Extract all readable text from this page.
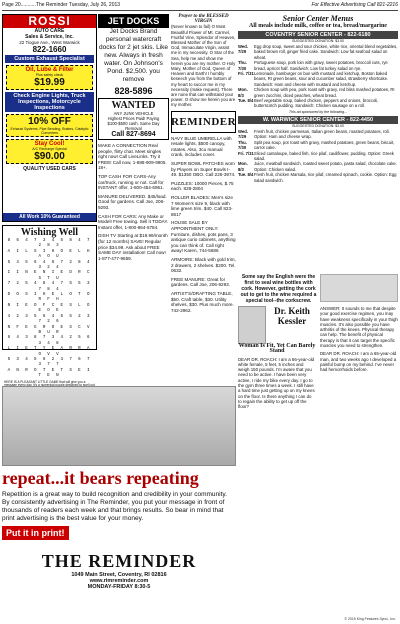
Page 20...........The Reminder Tuesday, July 26, 2013	For Effective Advertising Call 821-2216
ROSSI
AUTO CARE
Sales & Service, Inc.
22 Tiogue Ave., West Warwick
822-1660
Custom Exhaust Specialist
Oil, Lube & Filter
Plus safety check
$19.99
Check Engine Lights, Truck Inspections, Motorcycle Inspections
10% OFF
Exhaust Systems, Pipe Bending, Brakes, Catalytic Converters
Stay Cool!
A/C Recharge Special
$90.00
QUALITY USED CARS
All Work 10% Guaranteed
Wishing Well
8 6 4 7 3 4 5 8 4 7 2 8 3
A I L S I H O E L H A O U
5 4 5 6 4 6 7 2 8 4 3 2 4
I I N E N I E D R C S T U
7 2 5 4 8 4 7 5 5 3 7 8 4
D O S I H E L O T O R F H
N I E O F C E S L O E O E
4 2 3 5 6 4 6 5 2 3 7 2 6
N F E G R O E S C V B U R
6 4 3 8 7 3 4 2 5 6 3 4 8
L I E T Y E A R R A O V V
5 3 4 5 6 2 3 7 6 7 3 7 7
A N R O T E T S E I T E N
HERE IS A PLEASANT LITTLE GAME that will give you a
JET DOCKS
Jet Docks Brand personal watercraft docks for 2 jet skis. Like new. Always in fresh water. On Johnson's Pond. $2,500. you remove
828-5896
WANTED
ANY JUNK VEHICLE
Highest Prices Paid! Paying $100-$500 cash. Same Day Removal
Call 827-8694

MAKE A CONNECTION Real people, flirty chat. Meet singles right now! Call LiveLinks. Try it FREE! Call now, 1-888-909-9905. 18+.

TOP CASH FOR CARS-Any car/truck, running or not. Call for INSTANT offer, 1-800-454-6951.

MANURE DELIVERED. $45/load. Good for gardens. Call Joe, 206-9293.

CASH FOR CARS: Any Make or Model! Free towing. Sell it TODAY. Instant offer, 1-800-864-5784.

DISH TV Starting at $19.99/month (for 12 months) SAVE! Regular price $34.99. Ask about FREE SAME DAY installation! Call now! 1-877-477-9659.

Prayer to the BLESSED VIRGIN
(Never known to fail) O Most Beautiful Flower of Mt. Carmel, Fruitful Vine, Splendor of Heaven, Blessed Mother of the Son of God, Immaculate Virgin, assist me in my necessity. O Star of the Sea, help me and show me herein you are my mother. O Holy Mary, Mother of God, Queen of Heaven and Earth! I humbly beseech you from the bottom of my heart to succor me in my necessity (make request). There are none that can withstand your power. O show me herein you are my mother.
REMINDER

NAVY BLUE UMBRELLA with resale lights, $500 canopy, rotates. Also, 3cu manual crank, includes cover.

SUPER BOWL PATCHES worn by Players on Super Bowls I-49. $1350 OBO. Call 226-3974.

PUZZLES: 10000 Pieces, $.75 each. 828-2804

ROLLER BLADES: Men's size 7 Women's size 9, black with lime green trim. $40. Call 823-8617

HOUSE SALE BY APPOINTMENT ONLY: Furniture, dishes, pots pans, 3 antique curio cabinets, anything you can think of. Call right away! Karen, 744-5686

ARMOIRE: Black with gold trim, 2 drawers, 2 shelves. $200. Tel. 0632.

FREE MANURE: Great for gardens. Call Joe, 206-9293.

ARTIST'S/DRAFTING TABLE, $50. Craft table, $30. Utility shelves, $30. Plus much more. 742-2962.

Senior Center Menus
All meals include milk, coffee or tea, bread/margarine
COVENTRY SENIOR CENTER - 822-6180
SUGGESTED DONATION: $3.00
Wed. 7/29
Egg drop soup, sweet and sour chicken, white rice, oriental blend vegetables, baked brown roll, ginger fried cake. Sandwich: Low fat seafood salad on wheat.
Thu. 7/30
Portuguese soup, pork loin with gravy, sweet potatoes, broccoli cuts, rye bread, apricot half. Sandwich: Low fat turkey salad on rye.
Fri. 7/31 Lemonade, hamburger on bun with mustard and ketchup, Boston baked beans, RI green beans, sour and cucumber salad, strawberry shortcake. Sandwich: Ham and cheese with mustard and ketchup.
Mon. 8/3
Chicken soup with pea, pork roast with gravy, red bliss mashed potatoes, RI green zucchini, diced peaches, wheat bread.
Tue. 8/4 Beef vegetable soup, baked chicken, peppers and onions, broccoli, butterscotch pudding. Sandwich: Chicken sausage on a roll.
This ad sponsored by the following...
W. WARWICK SENIOR CENTER - 822-4450
SUGGESTED DONATION: $3.00
Wed. 7/29
Fresh fruit, chicken parmesan, Italian green beans, roasted potatoes, roll. Option: Ham and cheese wrap.
Thu. 7/30
Split pea soup, pot roast with gravy, mashed potatoes, green beans, biscuit, carrot cake.
Fri. 7/31 Sliced cantaloupe, baked fish, rice pilaf, cauliflower, pudding. Option: Greek salad.
Mon. 8/3
Juice, meatball sandwich, roasted sweet potato, pasta salad, chocolate cake. Option: Chicken salad.
Tue. 8/4 Fresh fruit, chicken Marsala, rice pilaf, creamed spinach, cookie. Option: Egg salad sandwich.
Some say the English were the first to seal wine bottles with cork. However, getting the cork out to get to the wine required a special tool--the corkscrew.
Dr. Keith Kessler
Woman Is Fit, Yet Can Barely Stand
DEAR DR. ROACH: I am a 66-year-old white female, 5 feet, 5 inches and weigh 150 pounds. I'm aware that you need to be active. I have been very active, I ride my bike every day. I go to the gym three times a week. I still have a hard time just getting up on my knees on the floor. Is there anything I can do to regain the ability to get up off the floor?
ANSWER: It sounds to me that despite your good exercise regimen, you may have weakness specifically in your thigh muscles. It's also possible you have arthritis of the knees. Physical therapy can help. The benefit of physical therapy is that it can target the specific muscles you need to strengthen.
DEAR DR. ROACH: I am a 65-year-old man, and two weeks ago I developed a painful bump on my behind. I've never had hemorrhoids before.
repeat...it bears repeating
Repetition is a great way to build recognition and credibility in your community. By consistently advertising in The Reminder, you put your message in front of thousands of readers each week and that brings results. So bear in mind that print advertising is the best value for your money.
Put it in print!
THE REMINDER
1049 Main Street, Coventry, RI 02816
www.rimreminder.com
MONDAY-FRIDAY 8:30-5
© 2015 King Features Synd., Inc.
